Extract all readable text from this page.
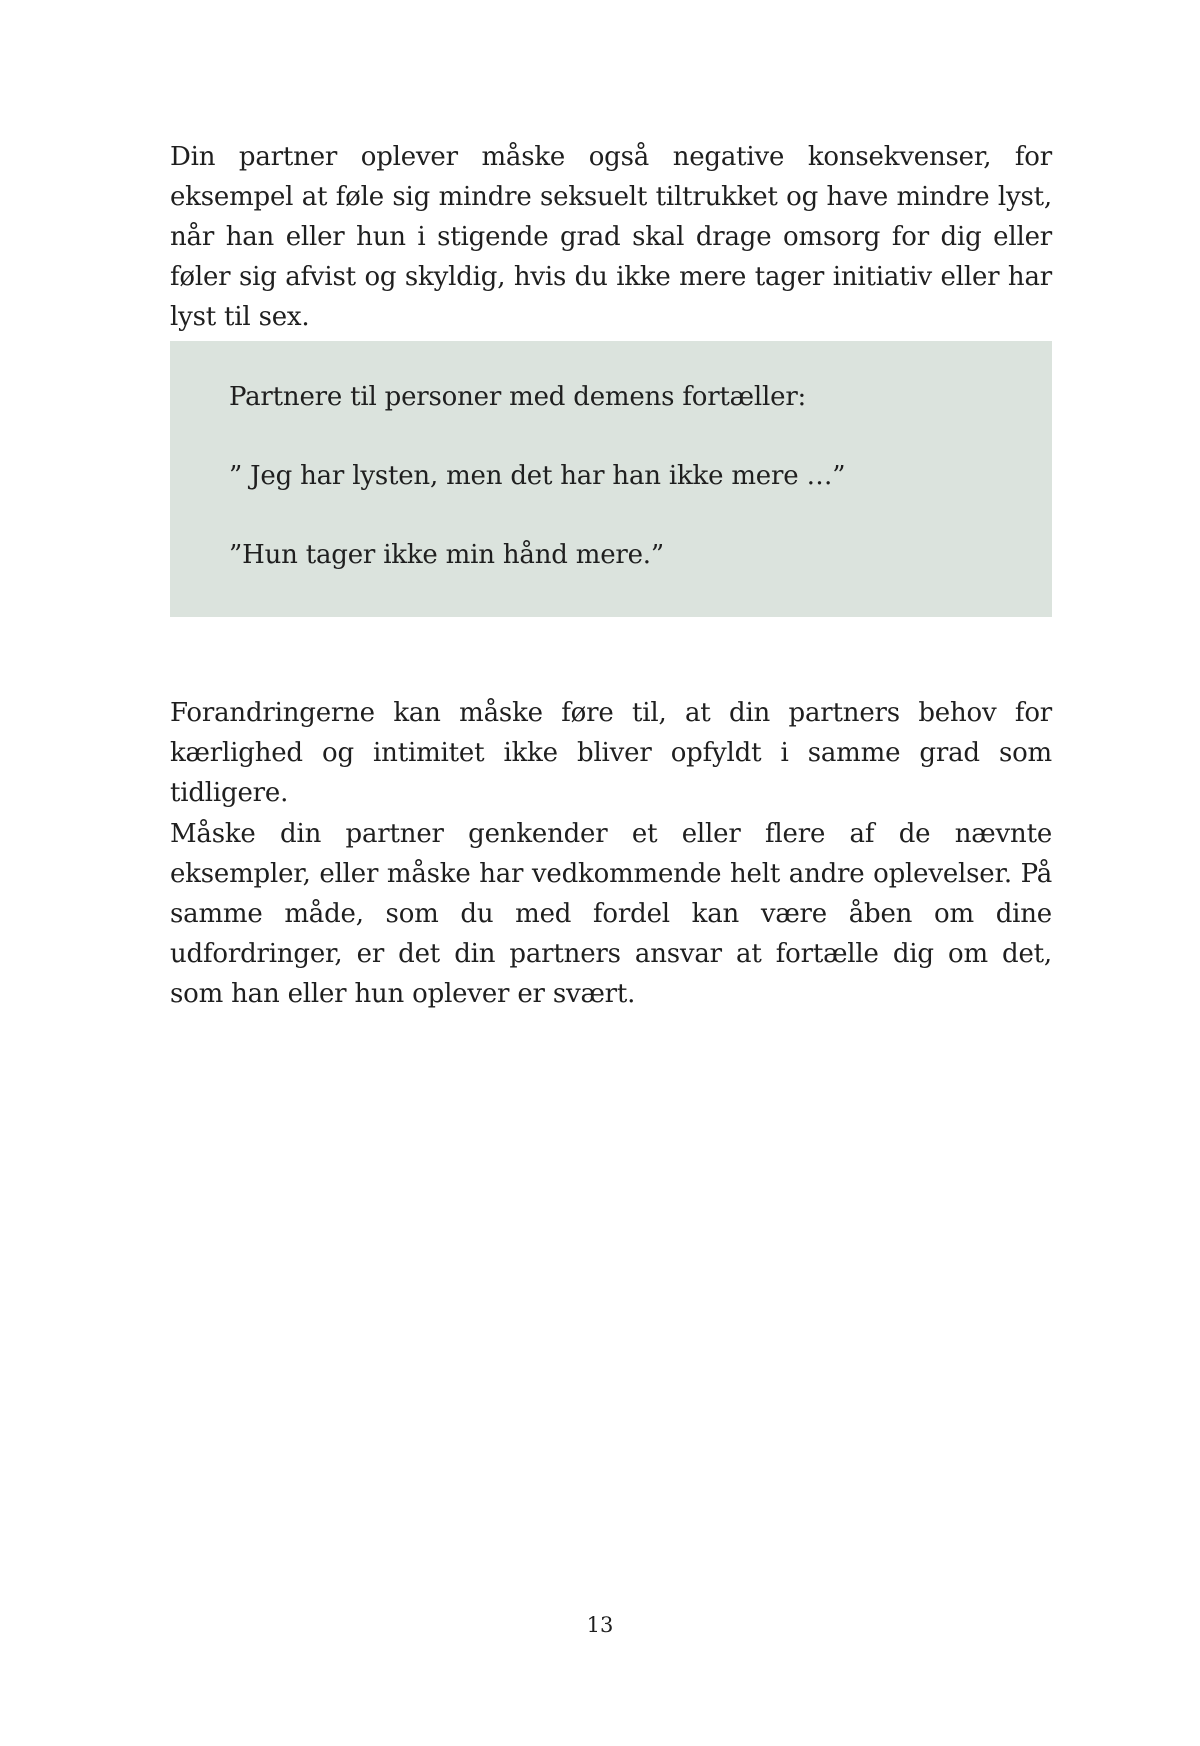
Din partner oplever måske også negative konsekvenser, for eksempel at føle sig mindre seksuelt tiltrukket og have mindre lyst, når han eller hun i stigende grad skal drage omsorg for dig eller føler sig afvist og skyldig, hvis du ikke mere tager initiativ eller har lyst til sex.

Partnere til personer med demens fortæller:

” Jeg har lysten, men det har han ikke mere …”

”Hun tager ikke min hånd mere.”

Forandringerne kan måske føre til, at din partners behov for kærlighed og intimitet ikke bliver opfyldt i samme grad som tidligere.

Måske din partner genkender et eller flere af de nævnte eksempler, eller måske har vedkommende helt andre oplevelser. På samme måde, som du med fordel kan være åben om dine udfordringer, er det din partners ansvar at fortælle dig om det, som han eller hun oplever er svært.

13
